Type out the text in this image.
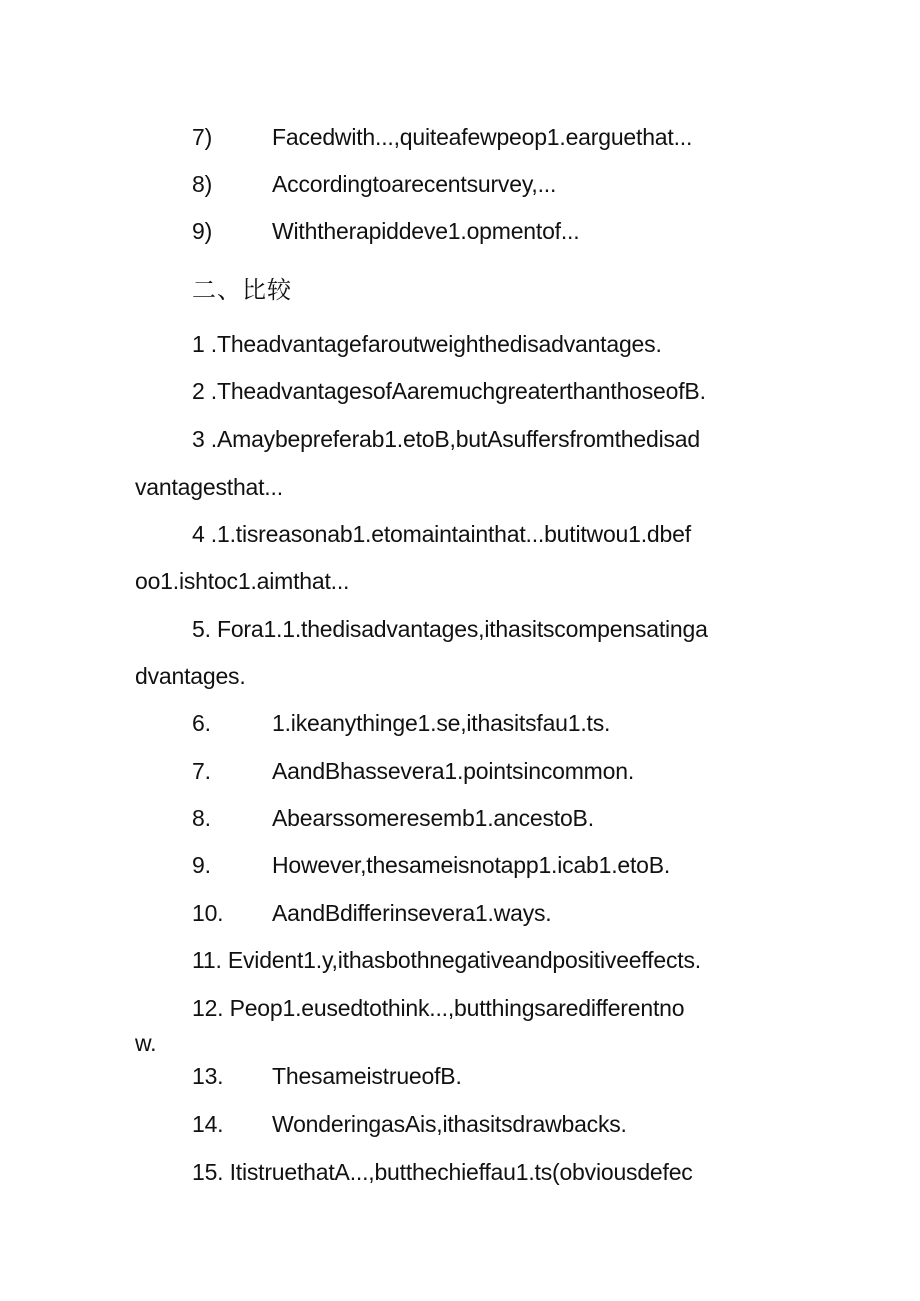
7)	Facedwith...,quiteafewpeop1.earguethat...

8)	Accordingtoarecentsurvey,...

9)	Withtherapiddeve1.opmentof...

二、比较

1 .Theadvantagefaroutweighthedisadvantages.

2 .TheadvantagesofAaremuchgreaterthanthoseofB.

3 .Amaybepreferab1.etoB,butAsuffersfromthedisad

vantagesthat...

4 .1.tisreasonab1.etomaintainthat...butitwou1.dbef

oo1.ishtoc1.aimthat...

5. Fora1.1.thedisadvantages,ithasitscompensatinga

dvantages.

6.	1.ikeanythinge1.se,ithasitsfau1.ts.

7.	AandBhassevera1.pointsincommon.

8.	Abearssomeresemb1.ancestoB.

9.	However,thesameisnotapp1.icab1.etoB.

10. AandBdifferinsevera1.ways.

11. Evident1.y,ithasbothnegativeandpositiveeffects.

12. Peop1.eusedtothink...,butthingsaredifferentno

w.

13. ThesameistrueofB.

14. WonderingasAis,ithasitsdrawbacks.

15. ItistruethatA...,butthechieffau1.ts(obviousdefec
